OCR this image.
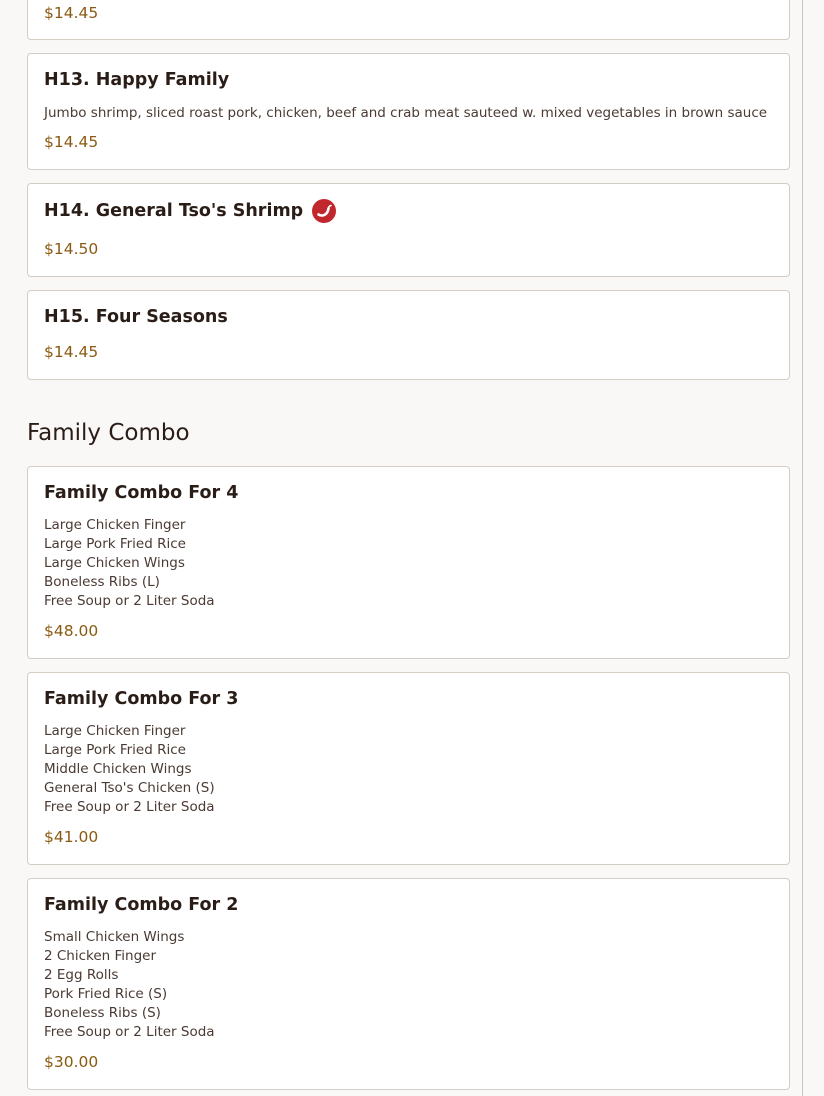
$14.45
H13. Happy Family
Jumbo shrimp, sliced roast pork, chicken, beef and crab meat sauteed w. mixed vegetables in brown sauce
$14.45
H14. General Tso's Shrimp
$14.50
H15. Four Seasons
$14.45
Family Combo
Family Combo For 4
Large Chicken Finger
Large Pork Fried Rice
Large Chicken Wings
Boneless Ribs (L)
Free Soup or 2 Liter Soda
$48.00
Family Combo For 3
Large Chicken Finger
Large Pork Fried Rice
Middle Chicken Wings
General Tso's Chicken (S)
Free Soup or 2 Liter Soda
$41.00
Family Combo For 2
Small Chicken Wings
2 Chicken Finger
2 Egg Rolls
Pork Fried Rice (S)
Boneless Ribs (S)
Free Soup or 2 Liter Soda
$30.00
